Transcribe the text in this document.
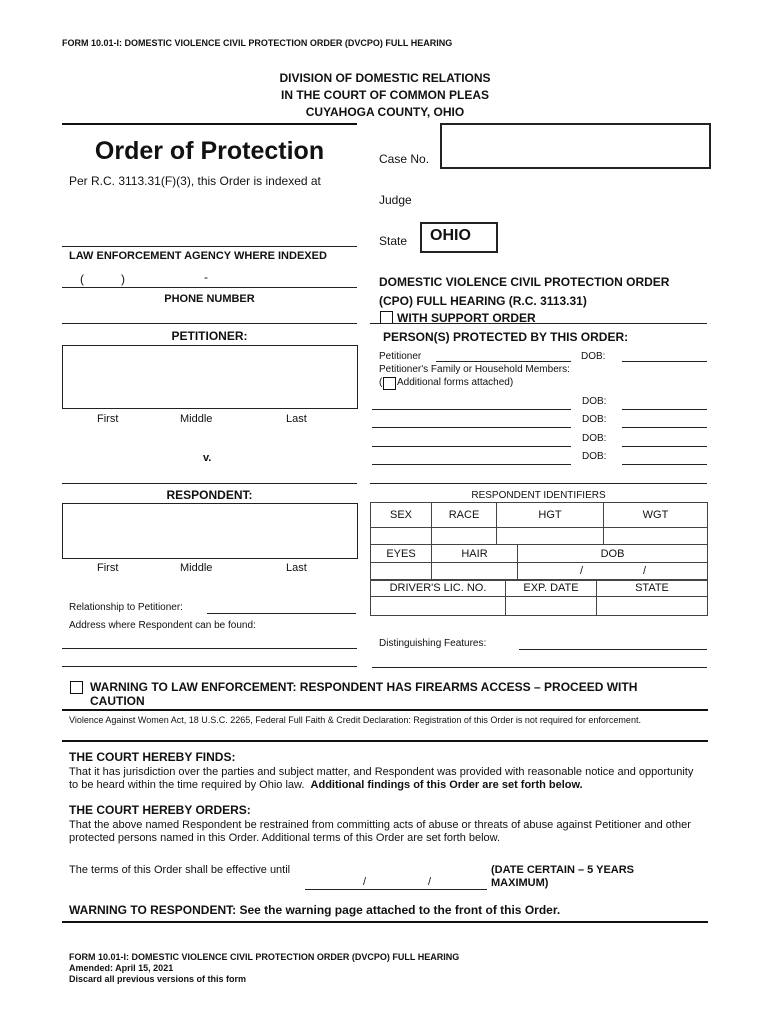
FORM 10.01-I: DOMESTIC VIOLENCE CIVIL PROTECTION ORDER (DVCPO) FULL HEARING
DIVISION OF DOMESTIC RELATIONS
IN THE COURT OF COMMON PLEAS
CUYAHOGA COUNTY, OHIO
Order of Protection
Per R.C. 3113.31(F)(3), this Order is indexed at
LAW ENFORCEMENT AGENCY WHERE INDEXED
(	)	-
PHONE NUMBER
Case No.
Judge
State OHIO
DOMESTIC VIOLENCE CIVIL PROTECTION ORDER
(CPO) FULL HEARING (R.C. 3113.31)
WITH SUPPORT ORDER
PETITIONER:
First	Middle	Last
v.
PERSON(S) PROTECTED BY THIS ORDER:
Petitioner	DOB:
Petitioner's Family or Household Members:
( Additional forms attached)
DOB:
DOB:
DOB:
DOB:
RESPONDENT:
First	Middle	Last
Relationship to Petitioner:
Address where Respondent can be found:
RESPONDENT IDENTIFIERS
SEX	RACE	HGT	WGT

EYES	HAIR	DOB

		/ /
DRIVER'S LIC. NO.	EXP. DATE	STATE

Distinguishing Features:
WARNING TO LAW ENFORCEMENT: RESPONDENT HAS FIREARMS ACCESS – PROCEED WITH CAUTION
Violence Against Women Act, 18 U.S.C. 2265, Federal Full Faith & Credit Declaration: Registration of this Order is not required for enforcement.
THE COURT HEREBY FINDS:
That it has jurisdiction over the parties and subject matter, and Respondent was provided with reasonable notice and opportunity to be heard within the time required by Ohio law. Additional findings of this Order are set forth below.
THE COURT HEREBY ORDERS:
That the above named Respondent be restrained from committing acts of abuse or threats of abuse against Petitioner and other protected persons named in this Order. Additional terms of this Order are set forth below.
The terms of this Order shall be effective until
/	/
(DATE CERTAIN – 5 YEARS
MAXIMUM)
WARNING TO RESPONDENT: See the warning page attached to the front of this Order.
FORM 10.01-I: DOMESTIC VIOLENCE CIVIL PROTECTION ORDER (DVCPO) FULL HEARING
Amended: April 15, 2021
Discard all previous versions of this form
